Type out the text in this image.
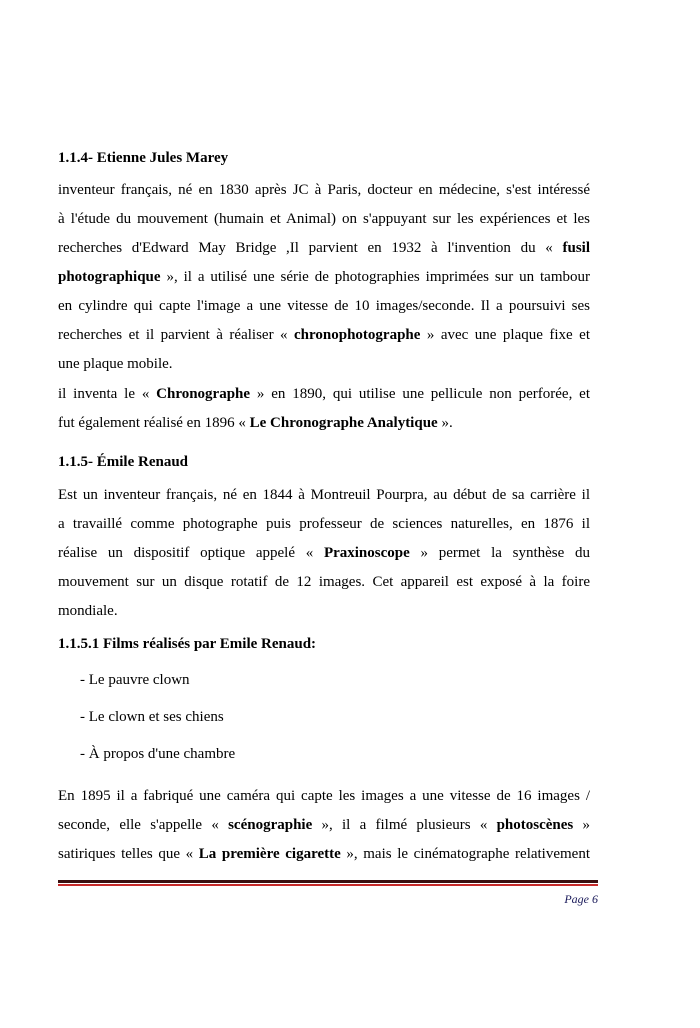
1.1.4- Etienne Jules Marey
inventeur français, né en 1830 après JC à Paris, docteur en médecine, s'est intéressé
à l'étude du mouvement (humain et Animal) on s'appuyant sur les expériences et les
recherches d'Edward May Bridge ,Il parvient en 1932 à l'invention du « fusil
photographique », il a utilisé une série de photographies imprimées sur un tambour
en cylindre qui capte l'image a une vitesse de 10 images/seconde. Il a poursuivi ses
recherches et il parvient à réaliser « chronophotographe » avec une plaque fixe et
une plaque mobile.
il inventa le « Chronographe » en 1890, qui utilise une pellicule non perforée, et
fut également réalisé en 1896 « Le Chronographe Analytique ».
1.1.5- Émile Renaud
Est un inventeur français, né en 1844 à Montreuil Pourpra, au début de sa carrière il
a travaillé comme photographe puis professeur de sciences naturelles, en 1876 il
réalise un dispositif optique appelé « Praxinoscope » permet la synthèse du
mouvement sur un disque rotatif de 12 images. Cet appareil est exposé à la foire
mondiale.
1.1.5.1 Films réalisés par Emile Renaud:
- Le pauvre clown
- Le clown et ses chiens
- À propos d'une chambre
En 1895 il a fabriqué une caméra qui capte les images a une vitesse de 16 images /
seconde, elle s'appelle « scénographie », il a filmé plusieurs « photoscènes »
satiriques telles que « La première cigarette », mais le cinématographe relativement
Page 6
